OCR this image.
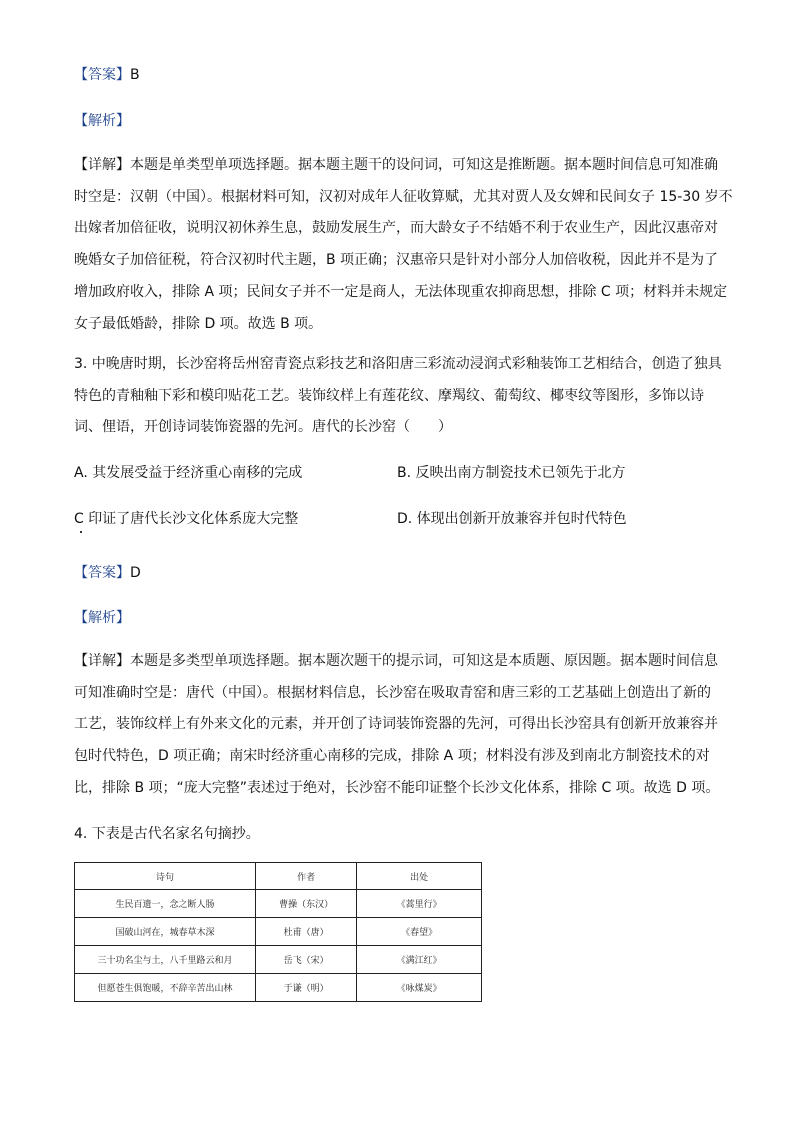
【答案】B
【解析】
【详解】本题是单类型单项选择题。据本题主题干的设问词，可知这是推断题。据本题时间信息可知准确
时空是：汉朝（中国）。根据材料可知，汉初对成年人征收算赋，尤其对贾人及女婢和民间女子 15-30 岁不
出嫁者加倍征收，说明汉初休养生息，鼓励发展生产，而大龄女子不结婚不利于农业生产，因此汉惠帝对
晚婚女子加倍征税，符合汉初时代主题，B 项正确；汉惠帝只是针对小部分人加倍收税，因此并不是为了
增加政府收入，排除 A 项；民间女子并不一定是商人，无法体现重农抑商思想，排除 C 项；材料并未规定
女子最低婚龄，排除 D 项。故选 B 项。
3. 中晚唐时期，长沙窑将岳州窑青瓷点彩技艺和洛阳唐三彩流动浸润式彩釉装饰工艺相结合，创造了独具
特色的青釉釉下彩和模印贴花工艺。装饰纹样上有莲花纹、摩羯纹、葡萄纹、椰枣纹等图形，多饰以诗
词、俚语，开创诗词装饰瓷器的先河。唐代的长沙窑（　　）
A. 其发展受益于经济重心南移的完成	B. 反映出南方制瓷技术已领先于北方
C 印证了唐代长沙文化体系庞大完整	D. 体现出创新开放兼容并包时代特色
【答案】D
【解析】
【详解】本题是多类型单项选择题。据本题次题干的提示词，可知这是本质题、原因题。据本题时间信息
可知准确时空是：唐代（中国）。根据材料信息，长沙窑在吸取青窑和唐三彩的工艺基础上创造出了新的
工艺，装饰纹样上有外来文化的元素，并开创了诗词装饰瓷器的先河，可得出长沙窑具有创新开放兼容并
包时代特色，D 项正确；南宋时经济重心南移的完成，排除 A 项；材料没有涉及到南北方制瓷技术的对
比，排除 B 项；“庞大完整”表述过于绝对，长沙窑不能印证整个长沙文化体系，排除 C 项。故选 D 项。
4. 下表是古代名家名句摘抄。
诗句	作者	出处
生民百遗一，念之断人肠	曹操（东汉）	《蒿里行》
国破山河在，城春草木深	杜甫（唐）	《春望》
三十功名尘与土，八千里路云和月	岳飞（宋）	《满江红》
但愿苍生俱饱暖，不辞辛苦出山林	于谦（明）	《咏煤炭》
